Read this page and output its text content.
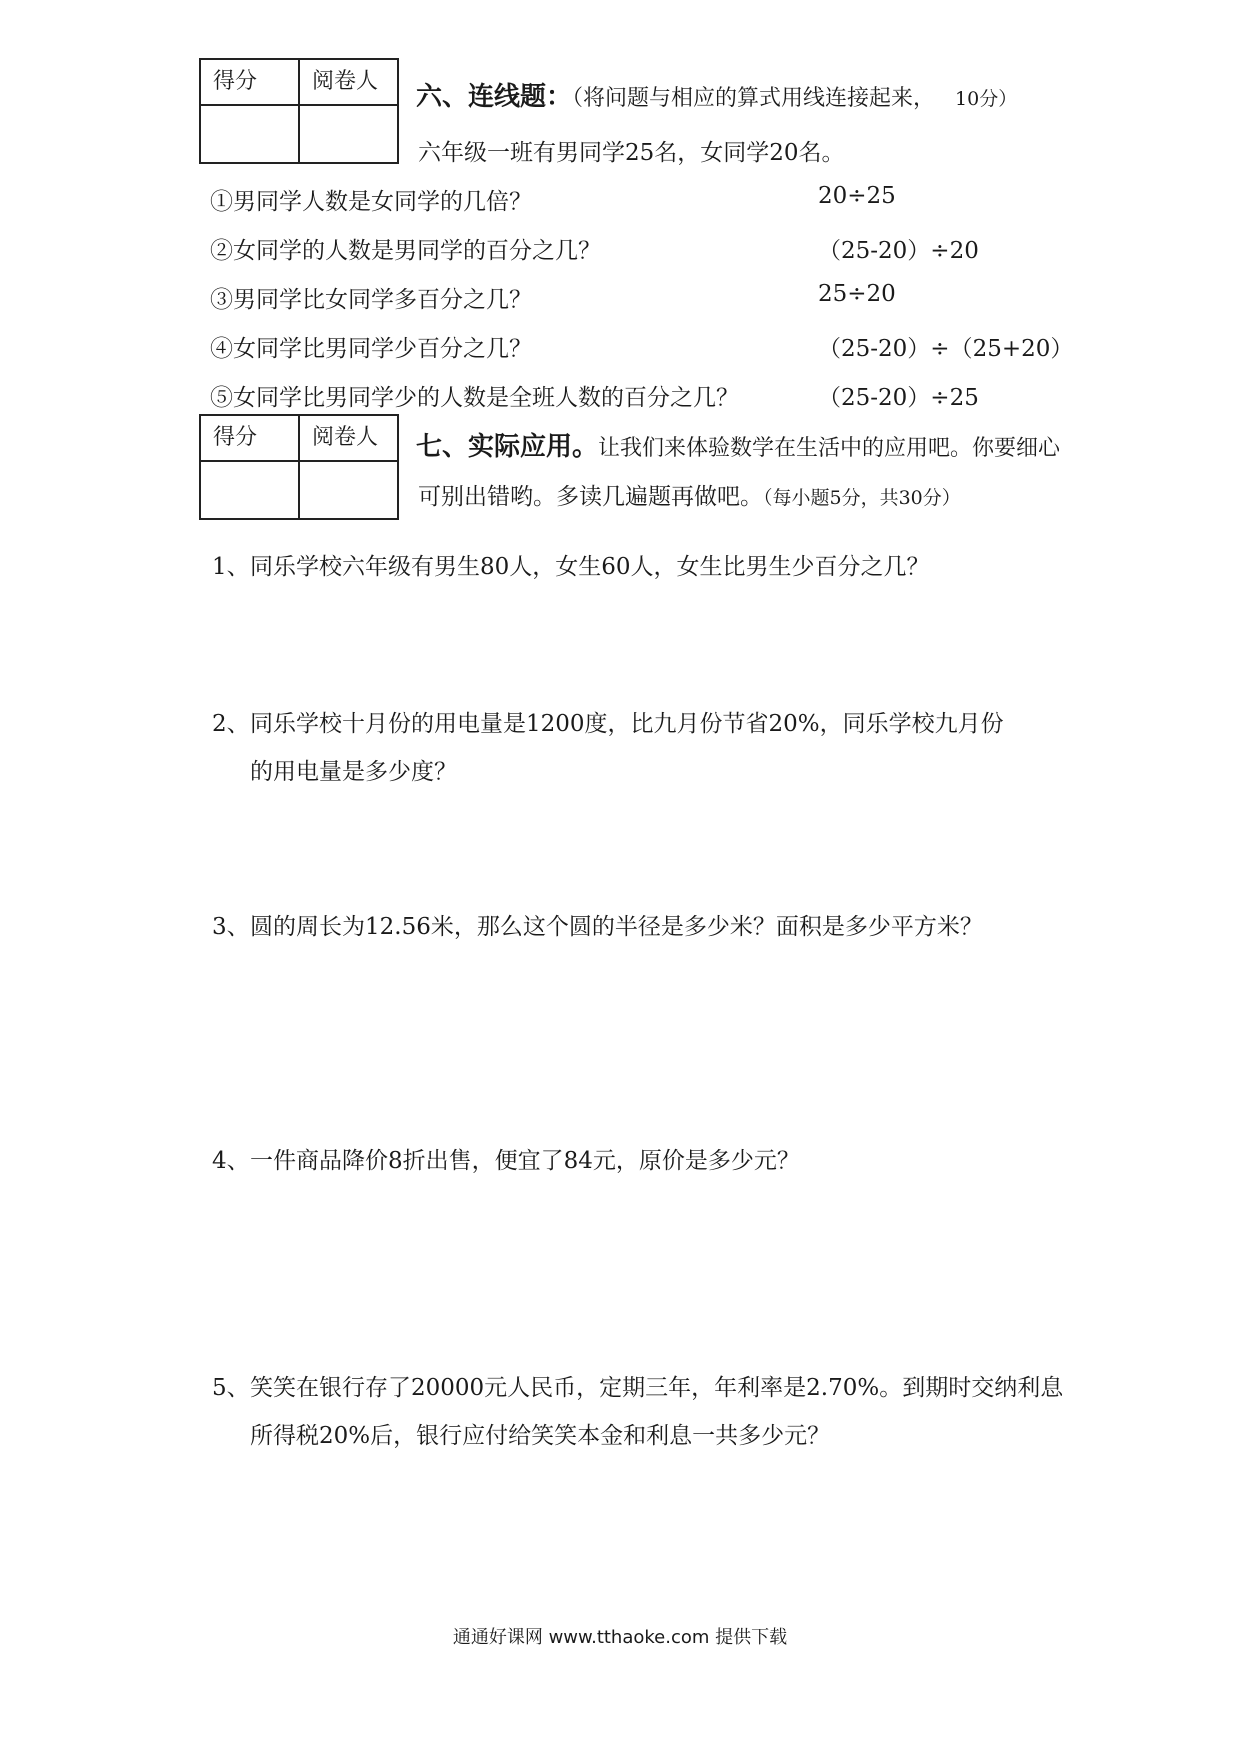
得分	阅卷人

六、连线题：（将问题与相应的算式用线连接起来， 10分）
六年级一班有男同学25名，女同学20名。
①男同学人数是女同学的几倍？	20÷25
②女同学的人数是男同学的百分之几？	（25-20）÷20
③男同学比女同学多百分之几？	25÷20
④女同学比男同学少百分之几？	（25-20）÷（25+20）
⑤女同学比男同学少的人数是全班人数的百分之几？	（25-20）÷25
得分	阅卷人
	七、实际应用。让我们来体验数学在生活中的应用吧。你要细心
可别出错哟。多读几遍题再做吧。（每小题5分，共30分）
1、同乐学校六年级有男生80人，女生60人，女生比男生少百分之几？
2、同乐学校十月份的用电量是1200度，比九月份节省20%，同乐学校九月份
的用电量是多少度？
3、圆的周长为12.56米，那么这个圆的半径是多少米？面积是多少平方米？
4、一件商品降价8折出售，便宜了84元，原价是多少元？
5、笑笑在银行存了20000元人民币，定期三年，年利率是2.70%。到期时交纳利息
所得税20%后，银行应付给笑笑本金和利息一共多少元？
通通好课网 www.tthaoke.com 提供下载
